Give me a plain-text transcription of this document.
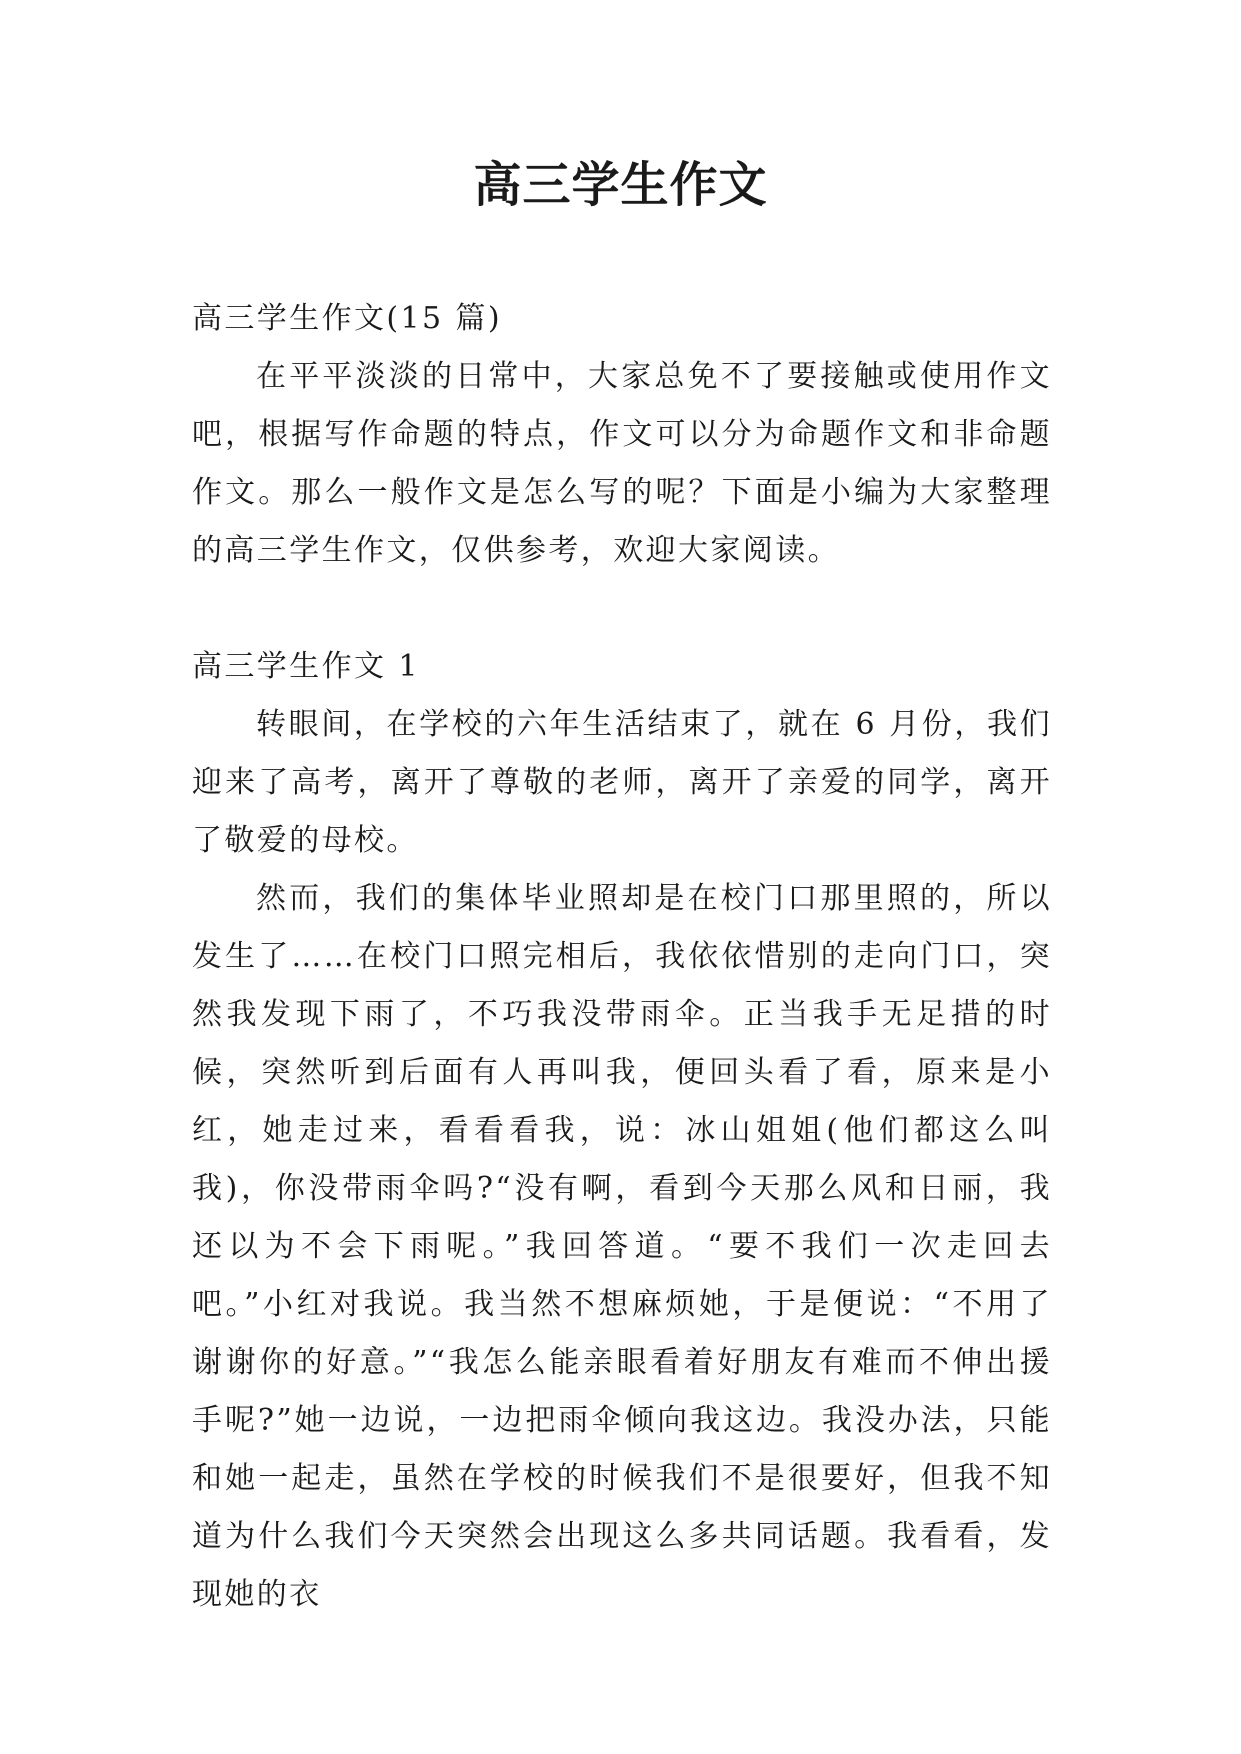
高三学生作文

高三学生作文(15 篇)

在平平淡淡的日常中，大家总免不了要接触或使用作文吧，根据写作命题的特点，作文可以分为命题作文和非命题作文。那么一般作文是怎么写的呢？下面是小编为大家整理的高三学生作文，仅供参考，欢迎大家阅读。

高三学生作文 1

转眼间，在学校的六年生活结束了，就在 6 月份，我们迎来了高考，离开了尊敬的老师，离开了亲爱的同学，离开了敬爱的母校。

然而，我们的集体毕业照却是在校门口那里照的，所以发生了……在校门口照完相后，我依依惜别的走向门口，突然我发现下雨了，不巧我没带雨伞。正当我手无足措的时候，突然听到后面有人再叫我，便回头看了看，原来是小红，她走过来，看看看我，说：冰山姐姐(他们都这么叫我)，你没带雨伞吗?“没有啊，看到今天那么风和日丽，我还以为不会下雨呢。”我回答道。“要不我们一次走回去吧。”小红对我说。我当然不想麻烦她，于是便说：“不用了谢谢你的好意。”“我怎么能亲眼看着好朋友有难而不伸出援手呢?”她一边说，一边把雨伞倾向我这边。我没办法，只能和她一起走，虽然在学校的时候我们不是很要好，但我不知道为什么我们今天突然会出现这么多共同话题。我看看，发现她的衣
